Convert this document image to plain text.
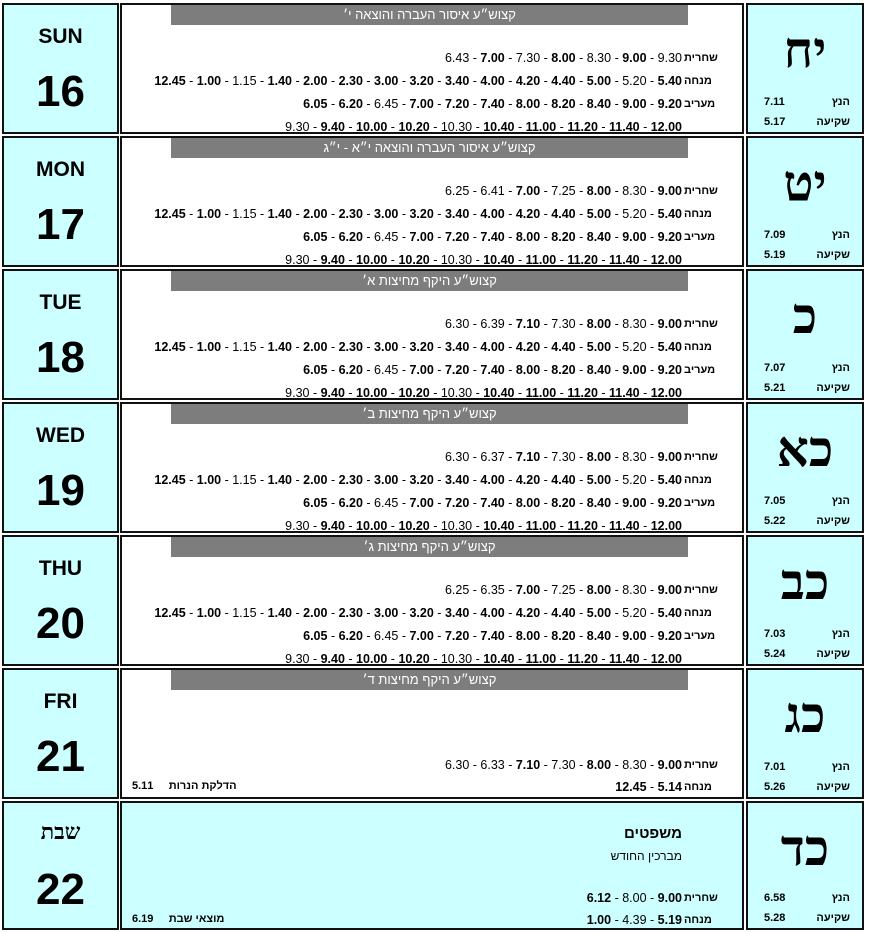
SUN
16
יח
7.11	הנץ
5.17	שקיעה
קצוש״ע איסור העברה והוצאה י׳
6.43 - 7.00 - 7.30 - 8.00 - 8.30 - 9.00 - 9.30 שחרית
12.45 - 1.00 - 1.15 - 1.40 - 2.00 - 2.30 - 3.00 - 3.20 - 3.40 - 4.00 - 4.20 - 4.40 - 5.00 - 5.20 - 5.40 מנחה
6.05 - 6.20 - 6.45 - 7.00 - 7.20 - 7.40 - 8.00 - 8.20 - 8.40 - 9.00 - 9.20 מעריב
9.30 - 9.40 - 10.00 - 10.20 - 10.30 - 10.40 - 11.00 - 11.20 - 11.40 - 12.00
MON
17
יט
7.09	הנץ
5.19	שקיעה
קצוש״ע איסור העברה והוצאה י״א - י״ג
6.25 - 6.41 - 7.00 - 7.25 - 8.00 - 8.30 - 9.00 שחרית
12.45 - 1.00 - 1.15 - 1.40 - 2.00 - 2.30 - 3.00 - 3.20 - 3.40 - 4.00 - 4.20 - 4.40 - 5.00 - 5.20 - 5.40 מנחה
6.05 - 6.20 - 6.45 - 7.00 - 7.20 - 7.40 - 8.00 - 8.20 - 8.40 - 9.00 - 9.20 מעריב
9.30 - 9.40 - 10.00 - 10.20 - 10.30 - 10.40 - 11.00 - 11.20 - 11.40 - 12.00
TUE
18
כ
7.07	הנץ
5.21	שקיעה
קצוש״ע היקף מחיצות א׳
6.30 - 6.39 - 7.10 - 7.30 - 8.00 - 8.30 - 9.00 שחרית
12.45 - 1.00 - 1.15 - 1.40 - 2.00 - 2.30 - 3.00 - 3.20 - 3.40 - 4.00 - 4.20 - 4.40 - 5.00 - 5.20 - 5.40 מנחה
6.05 - 6.20 - 6.45 - 7.00 - 7.20 - 7.40 - 8.00 - 8.20 - 8.40 - 9.00 - 9.20 מעריב
9.30 - 9.40 - 10.00 - 10.20 - 10.30 - 10.40 - 11.00 - 11.20 - 11.40 - 12.00
WED
19
כא
7.05	הנץ
5.22	שקיעה
קצוש״ע היקף מחיצות ב׳
6.30 - 6.37 - 7.10 - 7.30 - 8.00 - 8.30 - 9.00 שחרית
12.45 - 1.00 - 1.15 - 1.40 - 2.00 - 2.30 - 3.00 - 3.20 - 3.40 - 4.00 - 4.20 - 4.40 - 5.00 - 5.20 - 5.40 מנחה
6.05 - 6.20 - 6.45 - 7.00 - 7.20 - 7.40 - 8.00 - 8.20 - 8.40 - 9.00 - 9.20 מעריב
9.30 - 9.40 - 10.00 - 10.20 - 10.30 - 10.40 - 11.00 - 11.20 - 11.40 - 12.00
THU
20
כב
7.03	הנץ
5.24	שקיעה
קצוש״ע היקף מחיצות ג׳
6.25 - 6.35 - 7.00 - 7.25 - 8.00 - 8.30 - 9.00 שחרית
12.45 - 1.00 - 1.15 - 1.40 - 2.00 - 2.30 - 3.00 - 3.20 - 3.40 - 4.00 - 4.20 - 4.40 - 5.00 - 5.20 - 5.40 מנחה
6.05 - 6.20 - 6.45 - 7.00 - 7.20 - 7.40 - 8.00 - 8.20 - 8.40 - 9.00 - 9.20 מעריב
9.30 - 9.40 - 10.00 - 10.20 - 10.30 - 10.40 - 11.00 - 11.20 - 11.40 - 12.00
FRI
21
כג
7.01	הנץ
5.26	שקיעה
קצוש״ע היקף מחיצות ד׳
6.30 - 6.33 - 7.10 - 7.30 - 8.00 - 8.30 - 9.00 שחרית
12.45 - 5.14 מנחה
5.11 הדלקת הנרות
שבת
22
כד
6.58	הנץ
5.28	שקיעה
משפטים
מברכין החודש
6.12 - 8.00 - 9.00 שחרית
1.00 - 4.39 - 5.19 מנחה
6.19 מוצאי שבת
